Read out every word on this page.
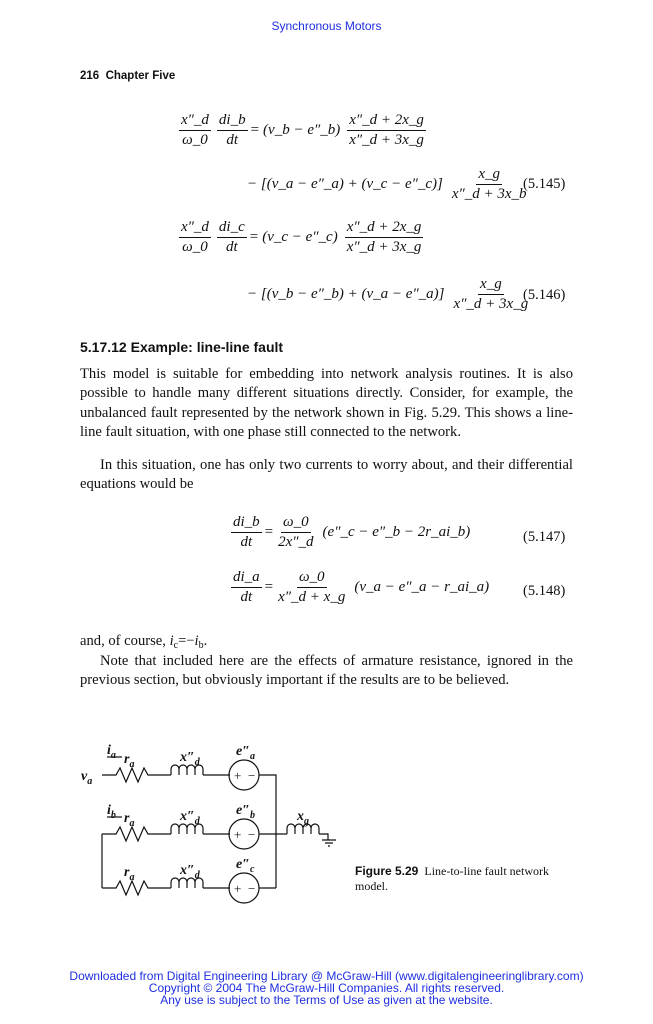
Synchronous Motors
216 Chapter Five
$\frac{x''\_d}{\omega\_0} \frac{di\_b}{dt}$ = (v_b − e″_b) $\frac{x''\_d + 2x\_g}{x''\_d + 3x\_g}$
− [(v_a − e″_a) + (v_c − e″_c)] $\frac{x\_g}{x''\_d + 3x\_b}$
(5.145)
$\frac{x''\_d}{\omega\_0} \frac{di\_c}{dt}$ = (v_c − e″_c) $\frac{x''\_d + 2x\_g}{x''\_d + 3x\_g}$
− [(v_b − e″_b) + (v_a − e″_a)] $\frac{x\_g}{x''\_d + 3x\_g}$
(5.146)
5.17.12 Example: line-line fault

This model is suitable for embedding into network analysis routines. It is also possible to handle many different situations directly. Consider, for example, the unbalanced fault represented by the network shown in Fig. 5.29. This shows a line-line fault situation, with one phase still connected to the network.

In this situation, one has only two currents to worry about, and their differential equations would be

$\frac{di\_b}{dt} = \frac{\omega\_0}{2x''\_d}$ (e″_c − e″_b − 2r_ai_b)	(5.147)
$\frac{di\_a}{dt} = \frac{\omega\_0}{x''\_d + x\_g}$ (v_a − e″_a − r_ai_a) (5.148)

and, of course, $i_c=-i_b$.

Note that included here are the effects of armature resistance, ignored in the previous section, but obviously important if the results are to be believed.

$i_a$
$v_a$
$i_b$
$r_a$
$r_a$
$r_a$
$x''_d$
$x''_d$
$x''_d$
$e''_a$
$e''_b$
$e''_c$
$x_g$
+ −
+ −
+ −
Figure 5.29 Line-to-line fault network model.
Downloaded from Digital Engineering Library @ McGraw-Hill (www.digitalengineeringlibrary.com)
Copyright © 2004 The McGraw-Hill Companies. All rights reserved.
Any use is subject to the Terms of Use as given at the website.
